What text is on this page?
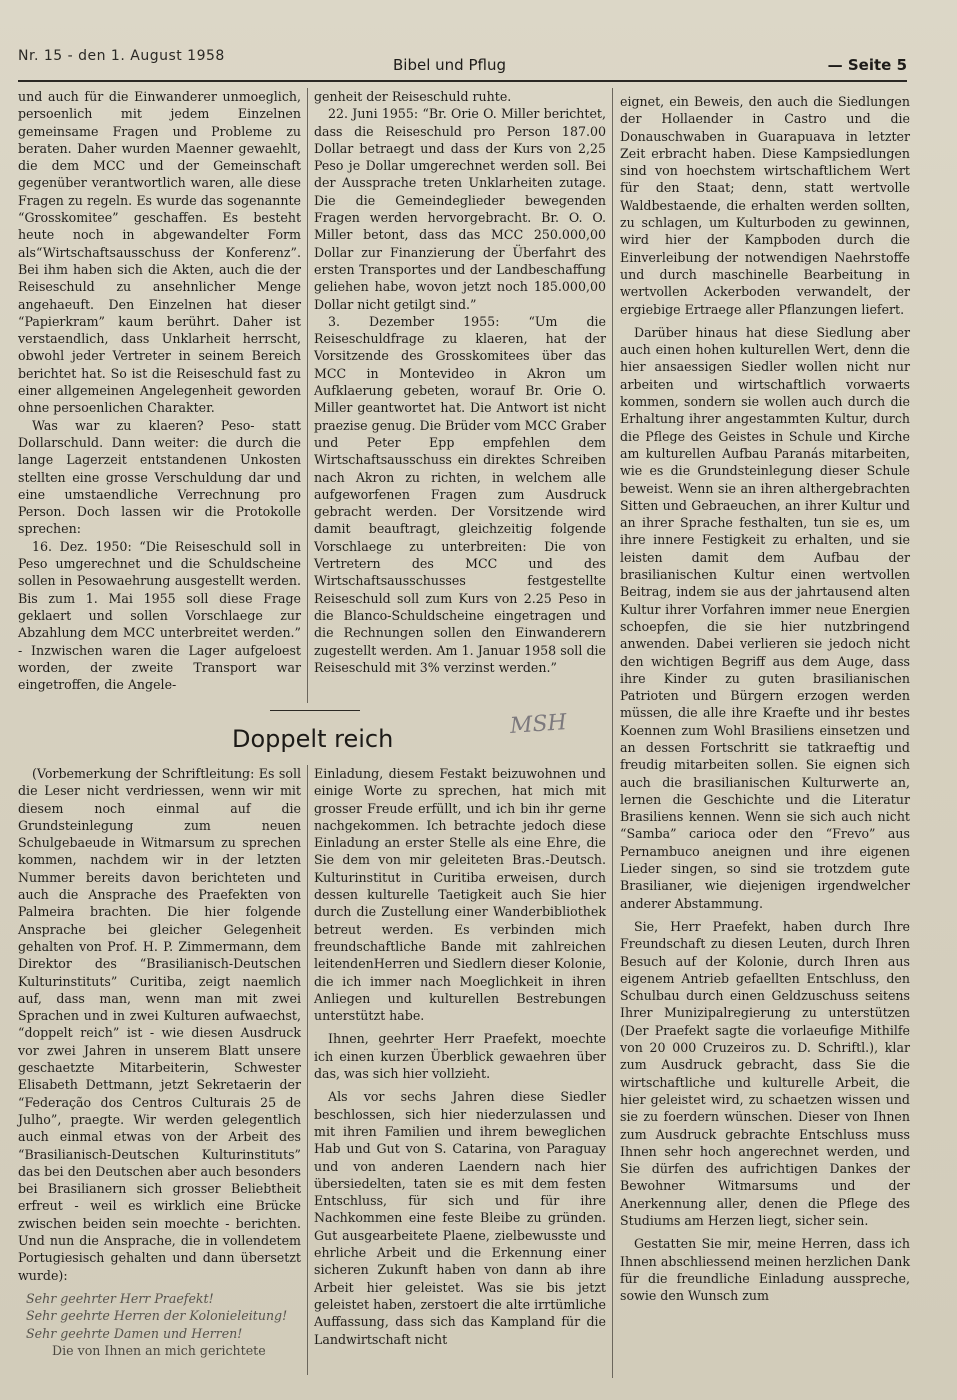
Nr. 15 - den 1. August 1958	Bibel und Pflug	— Seite 5

und auch für die Einwanderer unmoeglich, persoenlich mit jedem Einzelnen gemeinsame Fragen und Probleme zu beraten. Daher wurden Maenner gewaehlt, die dem MCC und der Gemeinschaft gegenüber verantwortlich waren, alle diese Fragen zu regeln. Es wurde das sogenannte “Grosskomitee” geschaffen. Es besteht heute noch in abgewandelter Form als“Wirtschaftsausschuss der Konferenz”. Bei ihm haben sich die Akten, auch die der Reiseschuld zu ansehnlicher Menge angehaeuft. Den Einzelnen hat dieser “Papierkram” kaum berührt. Daher ist verstaendlich, dass Unklarheit herrscht, obwohl jeder Vertreter in seinem Bereich berichtet hat. So ist die Reiseschuld fast zu einer allgemeinen Angelegenheit geworden ohne persoenlichen Charakter.

Was war zu klaeren? Peso- statt Dollarschuld. Dann weiter: die durch die lange Lagerzeit entstandenen Unkosten stellten eine grosse Verschuldung dar und eine umstaendliche Verrechnung pro Person. Doch lassen wir die Protokolle sprechen:

16. Dez. 1950: “Die Reiseschuld soll in Peso umgerechnet und die Schuldscheine sollen in Pesowaehrung ausgestellt werden. Bis zum 1. Mai 1955 soll diese Frage geklaert und sollen Vorschlaege zur Abzahlung dem MCC unterbreitet werden.” - Inzwischen waren die Lager aufgeloest worden, der zweite Transport war eingetroffen, die Angele-

genheit der Reiseschuld ruhte.

22. Juni 1955: “Br. Orie O. Miller berichtet, dass die Reiseschuld pro Person 187.00 Dollar betraegt und dass der Kurs von 2,25 Peso je Dollar umgerechnet werden soll. Bei der Aussprache treten Unklarheiten zutage. Die die Gemeindeglieder bewegenden Fragen werden hervorgebracht. Br. O. O. Miller betont, dass das MCC 250.000,00 Dollar zur Finanzierung der Überfahrt des ersten Transportes und der Landbeschaffung geliehen habe, wovon jetzt noch 185.000,00 Dollar nicht getilgt sind.”

3. Dezember 1955: “Um die Reiseschuldfrage zu klaeren, hat der Vorsitzende des Grosskomitees über das MCC in Montevideo in Akron um Aufklaerung gebeten, worauf Br. Orie O. Miller geantwortet hat. Die Antwort ist nicht praezise genug. Die Brüder vom MCC Graber und Peter Epp empfehlen dem Wirtschaftsausschuss ein direktes Schreiben nach Akron zu richten, in welchem alle aufgeworfenen Fragen zum Ausdruck gebracht werden. Der Vorsitzende wird damit beauftragt, gleichzeitig folgende Vorschlaege zu unterbreiten: Die von Vertretern des MCC und des Wirtschaftsausschusses festgestellte Reiseschuld soll zum Kurs von 2.25 Peso in die Blanco-Schuldscheine eingetragen und die Rechnungen sollen den Einwanderern zugestellt werden. Am 1. Januar 1958 soll die Reiseschuld mit 3% verzinst werden.”

eignet, ein Beweis, den auch die Siedlungen der Hollaender in Castro und die Donauschwaben in Guarapuava in letzter Zeit erbracht haben. Diese Kampsiedlungen sind von hoechstem wirtschaftlichem Wert für den Staat; denn, statt wertvolle Waldbestaende, die erhalten werden sollten, zu schlagen, um Kulturboden zu gewinnen, wird hier der Kampboden durch die Einverleibung der notwendigen Naehrstoffe und durch maschinelle Bearbeitung in wertvollen Ackerboden verwandelt, der ergiebige Ertraege aller Pflanzungen liefert.

Darüber hinaus hat diese Siedlung aber auch einen hohen kulturellen Wert, denn die hier ansaessigen Siedler wollen nicht nur arbeiten und wirtschaftlich vorwaerts kommen, sondern sie wollen auch durch die Erhaltung ihrer angestammten Kultur, durch die Pflege des Geistes in Schule und Kirche am kulturellen Aufbau Paranás mitarbeiten, wie es die Grundsteinlegung dieser Schule beweist. Wenn sie an ihren althergebrachten Sitten und Gebraeuchen, an ihrer Kultur und an ihrer Sprache festhalten, tun sie es, um ihre innere Festigkeit zu erhalten, und sie leisten damit dem Aufbau der brasilianischen Kultur einen wertvollen Beitrag, indem sie aus der jahrtausend alten Kultur ihrer Vorfahren immer neue Energien schoepfen, die sie hier nutzbringend anwenden. Dabei verlieren sie jedoch nicht den wichtigen Begriff aus dem Auge, dass ihre Kinder zu guten brasilianischen Patrioten und Bürgern erzogen werden müssen, die alle ihre Kraefte und ihr bestes Koennen zum Wohl Brasiliens einsetzen und an dessen Fortschritt sie tatkraeftig und freudig mitarbeiten sollen. Sie eignen sich auch die brasilianischen Kulturwerte an, lernen die Geschichte und die Literatur Brasiliens kennen. Wenn sie sich auch nicht “Samba” carioca oder den “Frevo” aus Pernambuco aneignen und ihre eigenen Lieder singen, so sind sie trotzdem gute Brasilianer, wie diejenigen irgendwelcher anderer Abstammung.

Sie, Herr Praefekt, haben durch Ihre Freundschaft zu diesen Leuten, durch Ihren Besuch auf der Kolonie, durch Ihren aus eigenem Antrieb gefaellten Entschluss, den Schulbau durch einen Geldzuschuss seitens Ihrer Munizipalregierung zu unterstützen (Der Praefekt sagte die vorlaeufige Mithilfe von 20 000 Cruzeiros zu. D. Schriftl.), klar zum Ausdruck gebracht, dass Sie die wirtschaftliche und kulturelle Arbeit, die hier geleistet wird, zu schaetzen wissen und sie zu foerdern wünschen. Dieser von Ihnen zum Ausdruck gebrachte Entschluss muss Ihnen sehr hoch angerechnet werden, und Sie dürfen des aufrichtigen Dankes der Bewohner Witmarsums und der Anerkennung aller, denen die Pflege des Studiums am Herzen liegt, sicher sein.

Gestatten Sie mir, meine Herren, dass ich Ihnen abschliessend meinen herzlichen Dank für die freundliche Einladung ausspreche, sowie den Wunsch zum

Doppelt reich
MSH

(Vorbemerkung der Schriftleitung: Es soll die Leser nicht verdriessen, wenn wir mit diesem noch einmal auf die Grundsteinlegung zum neuen Schulgebaeude in Witmarsum zu sprechen kommen, nachdem wir in der letzten Nummer bereits davon berichteten und auch die Ansprache des Praefekten von Palmeira brachten. Die hier folgende Ansprache bei gleicher Gelegenheit gehalten von Prof. H. P. Zimmermann, dem Direktor des “Brasilianisch-Deutschen Kulturinstituts” Curitiba, zeigt naemlich auf, dass man, wenn man mit zwei Sprachen und in zwei Kulturen aufwaechst, “doppelt reich” ist - wie diesen Ausdruck vor zwei Jahren in unserem Blatt unsere geschaetzte Mitarbeiterin, Schwester Elisabeth Dettmann, jetzt Sekretaerin der “Federação dos Centros Culturais 25 de Julho”, praegte. Wir werden gelegentlich auch einmal etwas von der Arbeit des “Brasilianisch-Deutschen Kulturinstituts” das bei den Deutschen aber auch besonders bei Brasilianern sich grosser Beliebtheit erfreut - weil es wirklich eine Brücke zwischen beiden sein moechte - berichten. Und nun die Ansprache, die in vollendetem Portugiesisch gehalten und dann übersetzt wurde):

Sehr geehrter Herr Praefekt!

Sehr geehrte Herren der Kolonieleitung!

Sehr geehrte Damen und Herren!

Die von Ihnen an mich gerichtete

Einladung, diesem Festakt beizuwohnen und einige Worte zu sprechen, hat mich mit grosser Freude erfüllt, und ich bin ihr gerne nachgekommen. Ich betrachte jedoch diese Einladung an erster Stelle als eine Ehre, die Sie dem von mir geleiteten Bras.-Deutsch. Kulturinstitut in Curitiba erweisen, durch dessen kulturelle Taetigkeit auch Sie hier durch die Zustellung einer Wanderbibliothek betreut werden. Es verbinden mich freundschaftliche Bande mit zahlreichen leitendenHerren und Siedlern dieser Kolonie, die ich immer nach Moeglichkeit in ihren Anliegen und kulturellen Bestrebungen unterstützt habe.

Ihnen, geehrter Herr Praefekt, moechte ich einen kurzen Überblick gewaehren über das, was sich hier vollzieht.

Als vor sechs Jahren diese Siedler beschlossen, sich hier niederzulassen und mit ihren Familien und ihrem beweglichen Hab und Gut von S. Catarina, von Paraguay und von anderen Laendern nach hier übersiedelten, taten sie es mit dem festen Entschluss, für sich und für ihre Nachkommen eine feste Bleibe zu gründen. Gut ausgearbeitete Plaene, zielbewusste und ehrliche Arbeit und die Erkennung einer sicheren Zukunft haben von dann ab ihre Arbeit hier geleistet. Was sie bis jetzt geleistet haben, zerstoert die alte irrtümliche Auffassung, dass sich das Kampland für die Landwirtschaft nicht
